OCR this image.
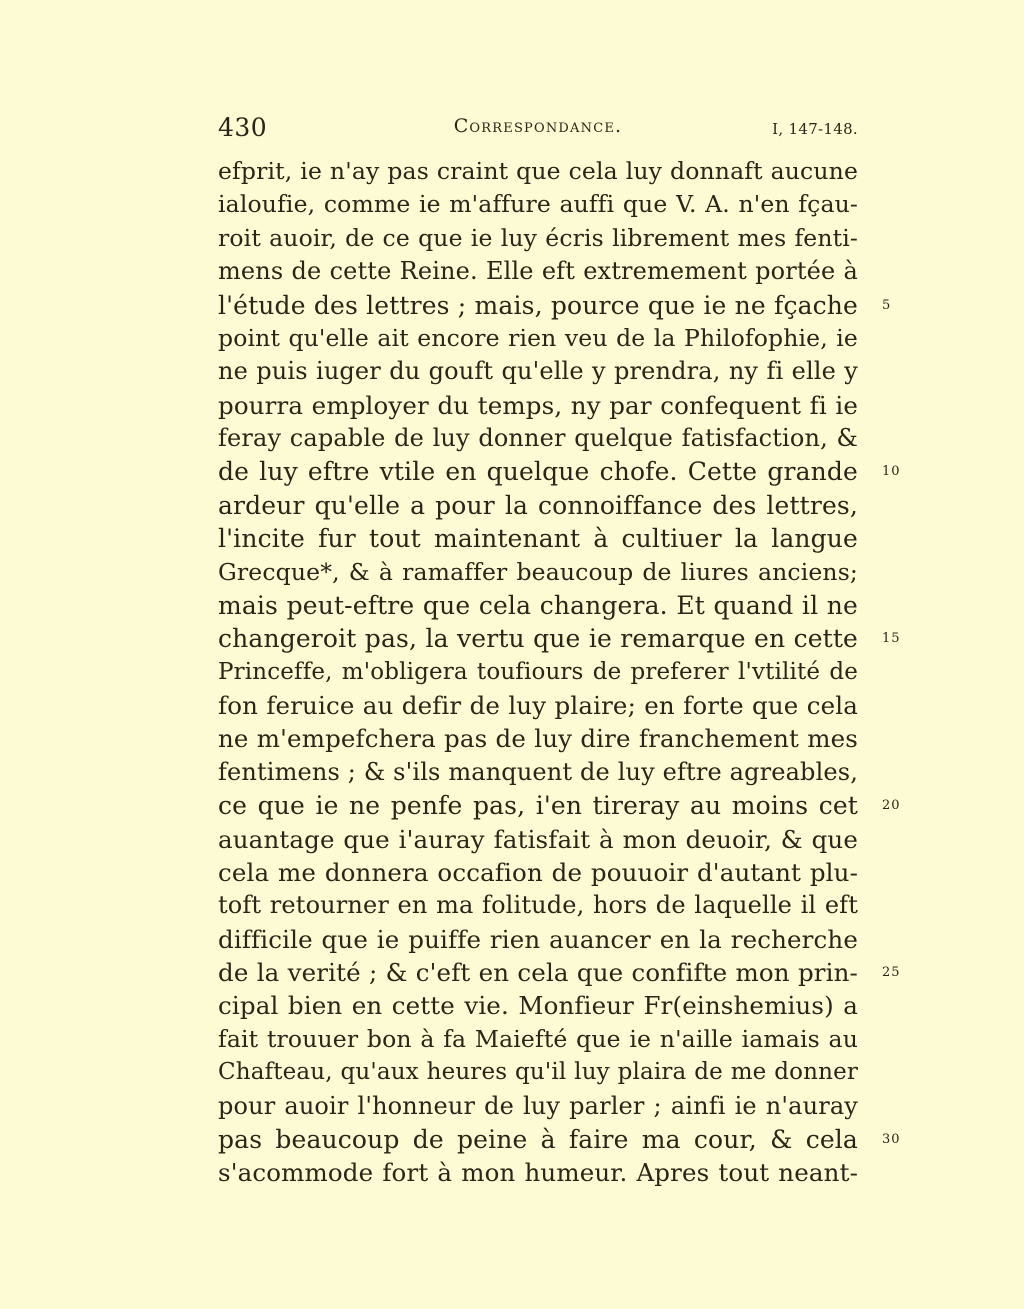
430	Correspondance.	I, 147-148.
efprit, ie n'ay pas craint que cela luy donnaft aucune
ialoufie, comme ie m'affure auffi que V. A. n'en fçau-
roit auoir, de ce que ie luy écris librement mes fenti-
mens de cette Reine. Elle eft extremement portée à
l'étude des lettres ; mais, pource que ie ne fçache 5
point qu'elle ait encore rien veu de la Philofophie, ie
ne puis iuger du gouft qu'elle y prendra, ny fi elle y
pourra employer du temps, ny par confequent fi ie
feray capable de luy donner quelque fatisfaction, &
de luy eftre vtile en quelque chofe. Cette grande 10
ardeur qu'elle a pour la connoiffance des lettres,
l'incite fur tout maintenant à cultiuer la langue
Grecque*, & à ramaffer beaucoup de liures anciens;
mais peut-eftre que cela changera. Et quand il ne
changeroit pas, la vertu que ie remarque en cette 15
Princeffe, m'obligera toufiours de preferer l'vtilité de
fon feruice au defir de luy plaire; en forte que cela
ne m'empefchera pas de luy dire franchement mes
fentimens ; & s'ils manquent de luy eftre agreables,
ce que ie ne penfe pas, i'en tireray au moins cet 20
auantage que i'auray fatisfait à mon deuoir, & que
cela me donnera occafion de pouuoir d'autant plu-
toft retourner en ma folitude, hors de laquelle il eft
difficile que ie puiffe rien auancer en la recherche
de la verité ; & c'eft en cela que confifte mon prin- 25
cipal bien en cette vie. Monfieur Fr(einshemius) a
fait trouuer bon à fa Maiefté que ie n'aille iamais au
Chafteau, qu'aux heures qu'il luy plaira de me donner
pour auoir l'honneur de luy parler ; ainfi ie n'auray
pas beaucoup de peine à faire ma cour, & cela 30
s'acommode fort à mon humeur. Apres tout neant-
